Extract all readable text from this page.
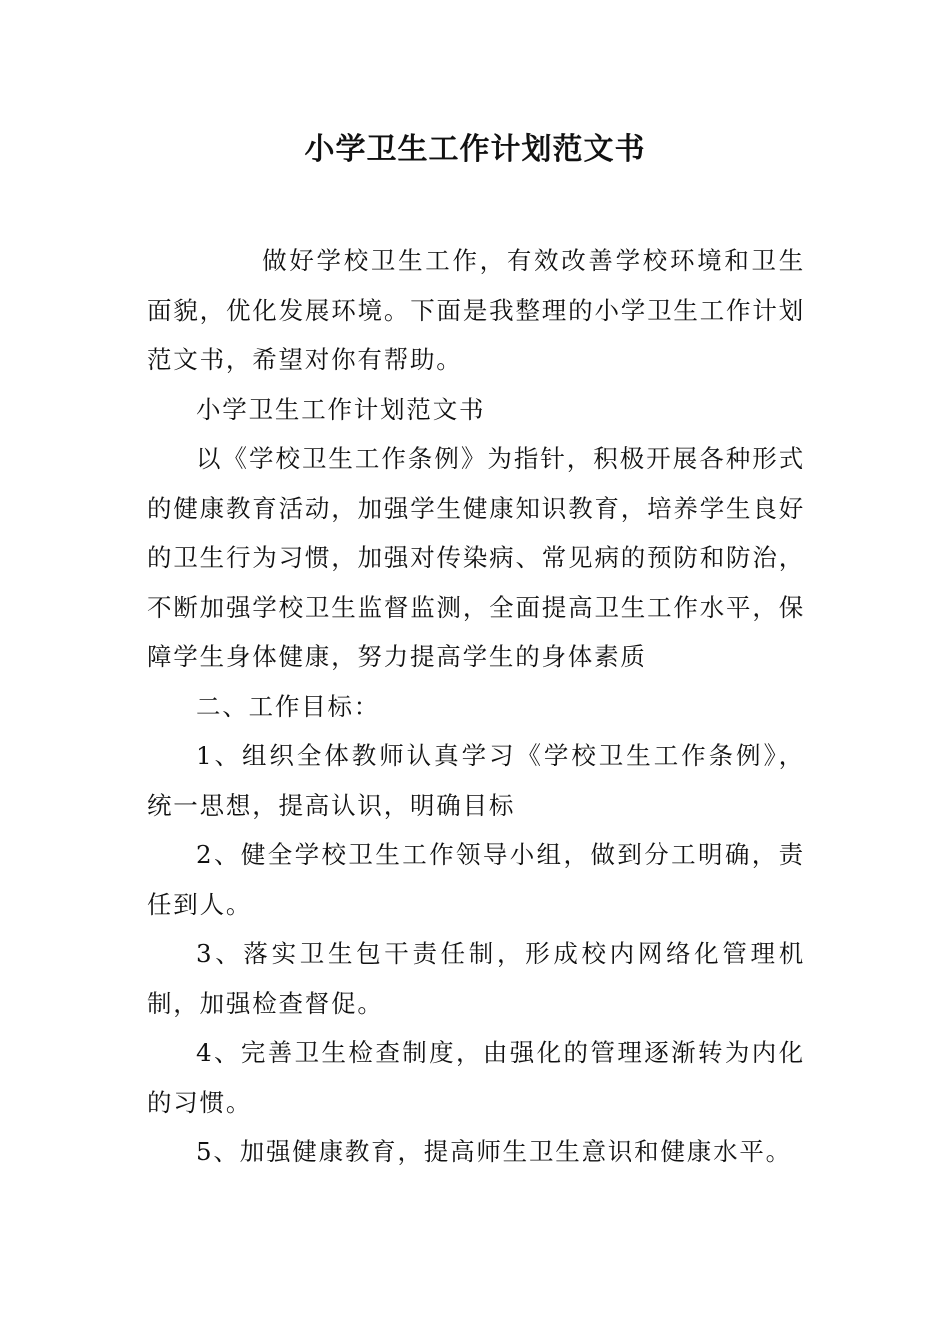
小学卫生工作计划范文书

做好学校卫生工作，有效改善学校环境和卫生面貌，优化发展环境。下面是我整理的小学卫生工作计划范文书，希望对你有帮助。

小学卫生工作计划范文书

以《学校卫生工作条例》为指针，积极开展各种形式的健康教育活动，加强学生健康知识教育，培养学生良好的卫生行为习惯，加强对传染病、常见病的预防和防治，不断加强学校卫生监督监测，全面提高卫生工作水平，保障学生身体健康，努力提高学生的身体素质

二、工作目标：

1、组织全体教师认真学习《学校卫生工作条例》，统一思想，提高认识，明确目标

2、健全学校卫生工作领导小组，做到分工明确，责任到人。

3、落实卫生包干责任制，形成校内网络化管理机制，加强检查督促。

4、完善卫生检查制度，由强化的管理逐渐转为内化的习惯。

5、加强健康教育，提高师生卫生意识和健康水平。
